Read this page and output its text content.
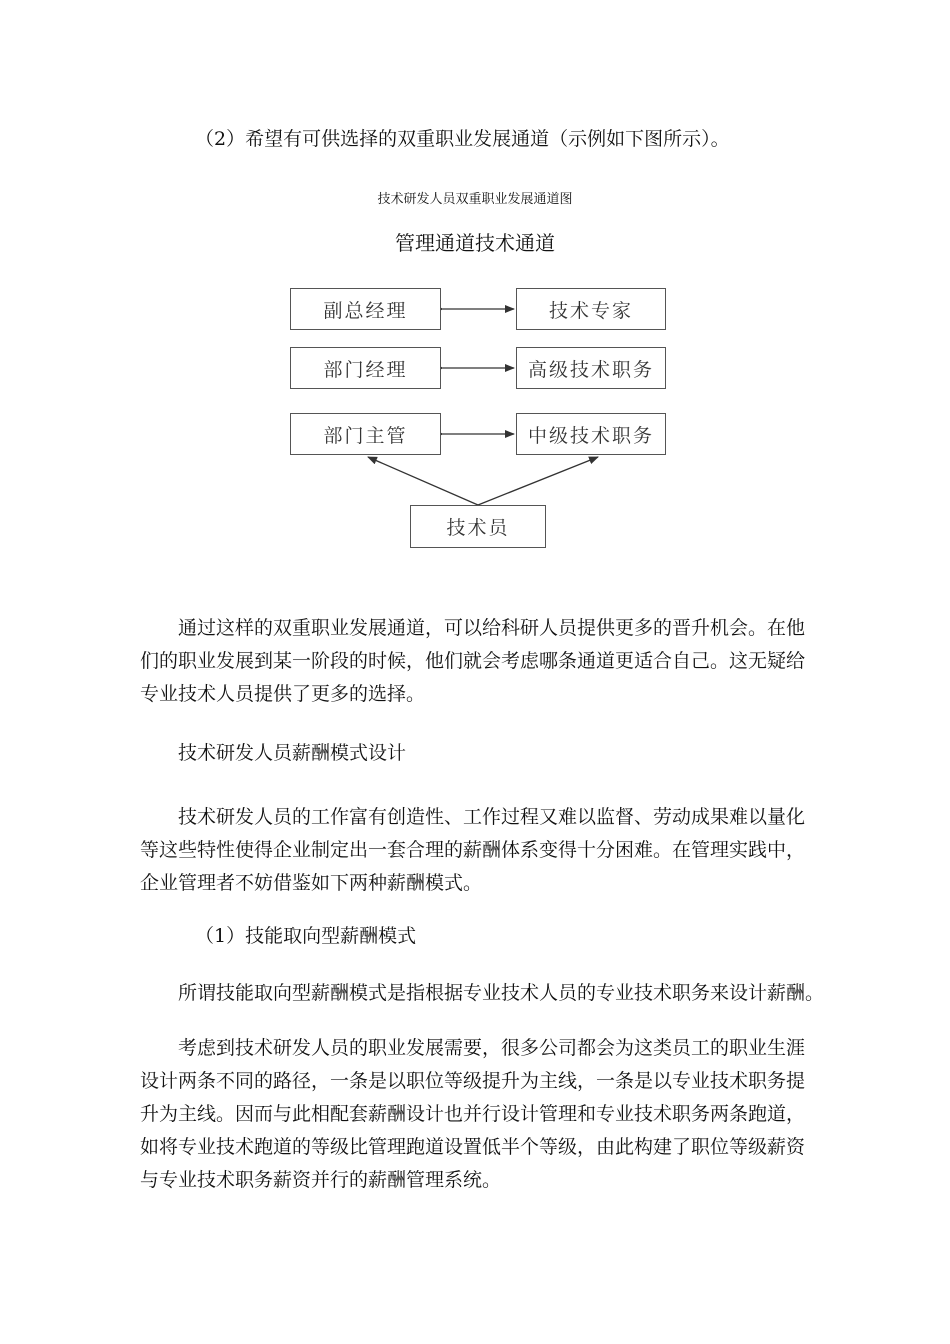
（2）希望有可供选择的双重职业发展通道（示例如下图所示）。
技术研发人员双重职业发展通道图
管理通道技术通道
副总经理	技术专家
部门经理	高级技术职务
部门主管	中级技术职务
技术员
通过这样的双重职业发展通道，可以给科研人员提供更多的晋升机会。在他
们的职业发展到某一阶段的时候，他们就会考虑哪条通道更适合自己。这无疑给
专业技术人员提供了更多的选择。
技术研发人员薪酬模式设计
技术研发人员的工作富有创造性、工作过程又难以监督、劳动成果难以量化
等这些特性使得企业制定出一套合理的薪酬体系变得十分困难。在管理实践中，
企业管理者不妨借鉴如下两种薪酬模式。
（1）技能取向型薪酬模式
所谓技能取向型薪酬模式是指根据专业技术人员的专业技术职务来设计薪酬。
考虑到技术研发人员的职业发展需要，很多公司都会为这类员工的职业生涯
设计两条不同的路径，一条是以职位等级提升为主线，一条是以专业技术职务提
升为主线。因而与此相配套薪酬设计也并行设计管理和专业技术职务两条跑道，
如将专业技术跑道的等级比管理跑道设置低半个等级，由此构建了职位等级薪资
与专业技术职务薪资并行的薪酬管理系统。
